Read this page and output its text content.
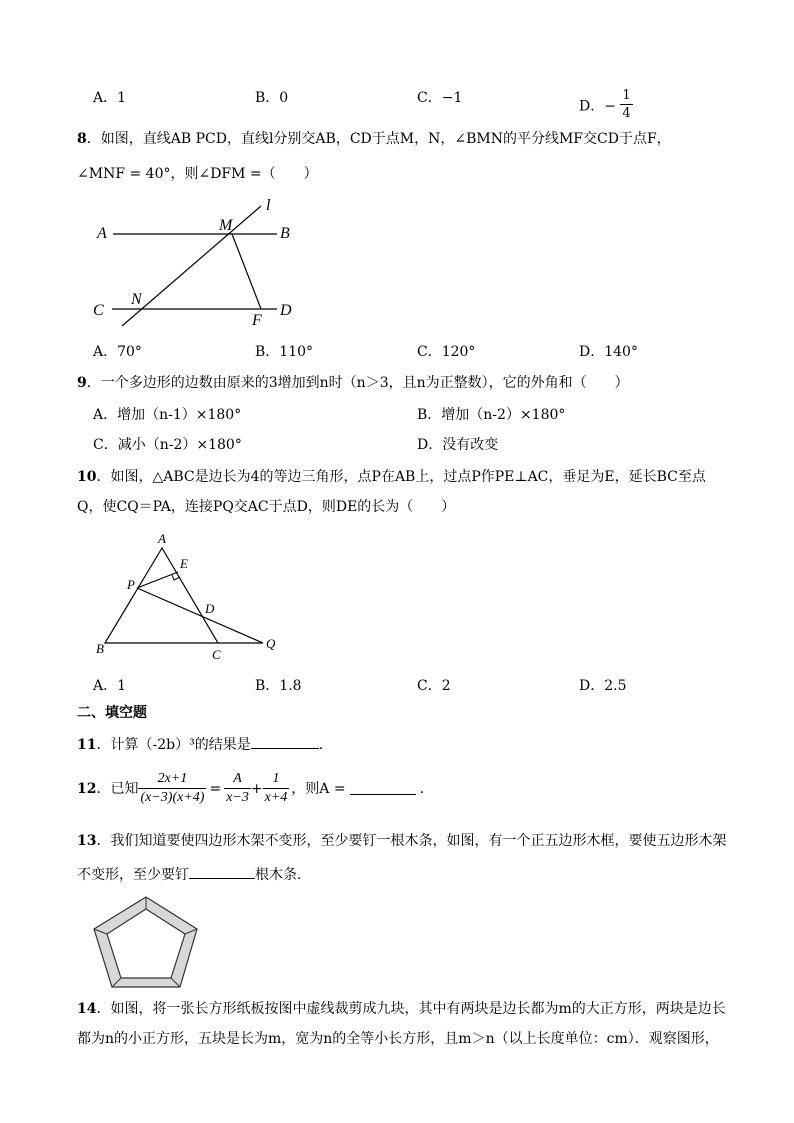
A．1	B．0	C．−1
D．− $\frac{1}{4}$
8．如图，直线AB PCD，直线l分别交AB，CD于点M，N，∠BMN的平分线MF交CD于点F，
∠MNF = 40°，则∠DFM =（　　）
A	B
C	D
M
N
F
l
A．70°	B．110°	C．120°	D．140°
9．一个多边形的边数由原来的3增加到n时（n＞3，且n为正整数），它的外角和（　　）
A．增加（n-1）×180°	B．增加（n-2）×180°
C．减小（n-2）×180°	D．没有改变
10．如图，△ABC是边长为4的等边三角形，点P在AB上，过点P作PE⊥AC，垂足为E，延长BC至点
Q，使CQ＝PA，连接PQ交AC于点D，则DE的长为（　　）
A
E
P
D
B	C
Q
A．1	B．1.8	C．2	D．2.5
二、填空题
11．计算（-2b）³的结果是	.
12 ．已知 $\frac{2x+1}{(x-3)(x+4)} = \frac{A}{x-3} + \frac{1}{x+4}$ ，则A =	.
13．我们知道要使四边形木架不变形，至少要钉一根木条，如图，有一个正五边形木框，要使五边形木架
不变形，至少要钉	根木条．
14．如图，将一张长方形纸板按图中虚线裁剪成九块，其中有两块是边长都为m的大正方形，两块是边长
都为n的小正方形，五块是长为m，宽为n的全等小长方形，且m＞n（以上长度单位：cm）．观察图形，
